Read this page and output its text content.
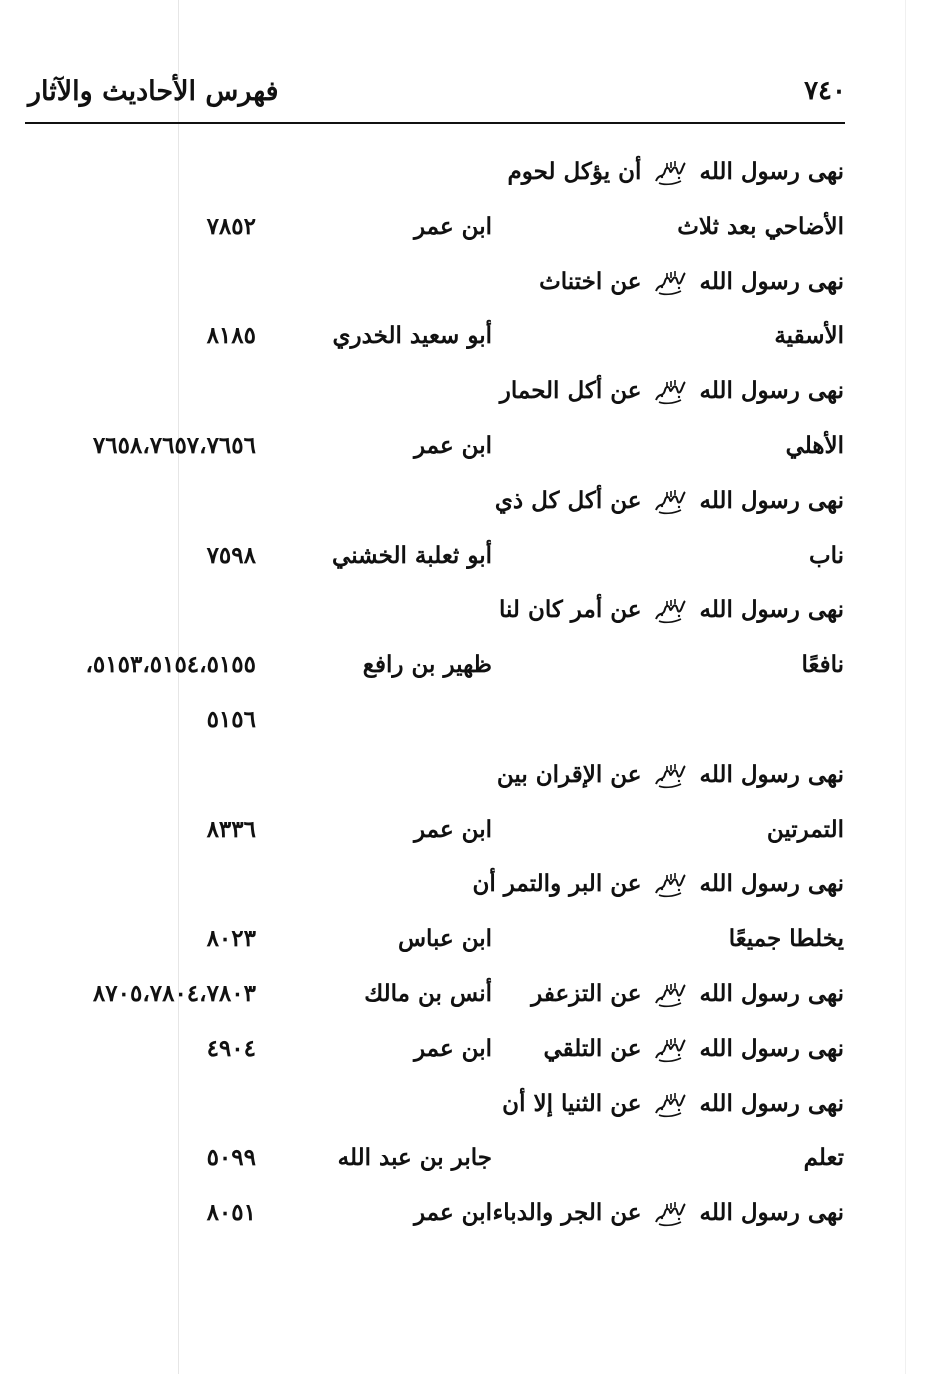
٧٤٠
فهرس الأحاديث والآثار
نهى رسول الله  أن يؤكل لحوم
الأضاحي بعد ثلاث
ابن عمر
٧٨٥٢
نهى رسول الله  عن اختناث
الأسقية
أبو سعيد الخدري
٨١٨٥
نهى رسول الله  عن أكل الحمار
الأهلي
ابن عمر
٧٦٥٨،٧٦٥٧،٧٦٥٦
نهى رسول الله  عن أكل كل ذي
ناب
أبو ثعلبة الخشني
٧٥٩٨
نهى رسول الله  عن أمر كان لنا
نافعًا
ظهير بن رافع
٥١٥٣،٥١٥٤،٥١٥٥،
٥١٥٦
نهى رسول الله  عن الإقران بين
التمرتين
ابن عمر
٨٣٣٦
نهى رسول الله  عن البر والتمر أن
يخلطا جميعًا
ابن عباس
٨٠٢٣
نهى رسول الله  عن التزعفر
أنس بن مالك
٨٧٠٥،٧٨٠٤،٧٨٠٣
نهى رسول الله  عن التلقي
ابن عمر
٤٩٠٤
نهى رسول الله  عن الثنيا إلا أن
تعلم
جابر بن عبد الله
٥٠٩٩
نهى رسول الله  عن الجر والدباء
ابن عمر
٨٠٥١
